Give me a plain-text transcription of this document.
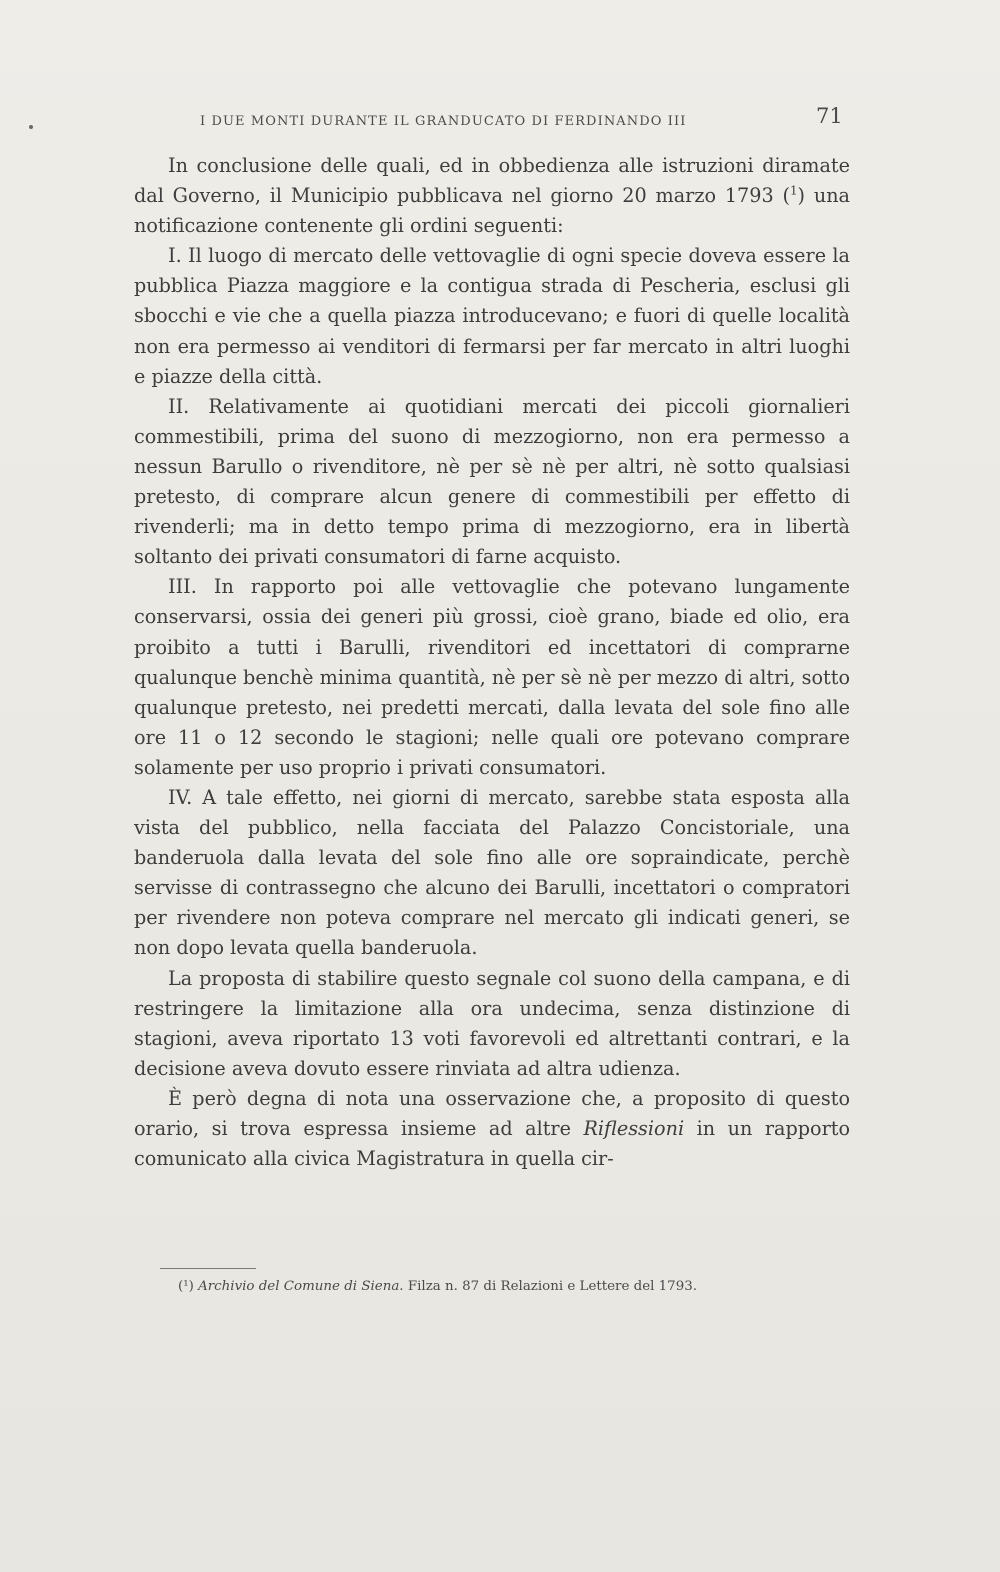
I DUE MONTI DURANTE IL GRANDUCATO DI FERDINANDO III	71

In conclusione delle quali, ed in obbedienza alle istruzioni diramate dal Governo, il Municipio pubblicava nel giorno 20 marzo 1793 ($^1$) una notificazione contenente gli ordini seguenti:

I. Il luogo di mercato delle vettovaglie di ogni specie doveva essere la pubblica Piazza maggiore e la contigua strada di Pescheria, esclusi gli sbocchi e vie che a quella piazza introducevano; e fuori di quelle località non era permesso ai venditori di fermarsi per far mercato in altri luoghi e piazze della città.

II. Relativamente ai quotidiani mercati dei piccoli giornalieri commestibili, prima del suono di mezzogiorno, non era permesso a nessun Barullo o rivenditore, nè per sè nè per altri, nè sotto qualsiasi pretesto, di comprare alcun genere di commestibili per effetto di rivenderli; ma in detto tempo prima di mezzogiorno, era in libertà soltanto dei privati consumatori di farne acquisto.

III. In rapporto poi alle vettovaglie che potevano lungamente conservarsi, ossia dei generi più grossi, cioè grano, biade ed olio, era proibito a tutti i Barulli, rivenditori ed incettatori di comprarne qualunque benchè minima quantità, nè per sè nè per mezzo di altri, sotto qualunque pretesto, nei predetti mercati, dalla levata del sole fino alle ore 11 o 12 secondo le stagioni; nelle quali ore potevano comprare solamente per uso proprio i privati consumatori.

IV. A tale effetto, nei giorni di mercato, sarebbe stata esposta alla vista del pubblico, nella facciata del Palazzo Concistoriale, una banderuola dalla levata del sole fino alle ore sopraindicate, perchè servisse di contrassegno che alcuno dei Barulli, incettatori o compratori per rivendere non poteva comprare nel mercato gli indicati generi, se non dopo levata quella banderuola.

La proposta di stabilire questo segnale col suono della campana, e di restringere la limitazione alla ora undecima, senza distinzione di stagioni, aveva riportato 13 voti favorevoli ed altrettanti contrari, e la decisione aveva dovuto essere rinviata ad altra udienza.

È però degna di nota una osservazione che, a proposito di questo orario, si trova espressa insieme ad altre Riflessioni in un rapporto comunicato alla civica Magistratura in quella cir-

(¹) Archivio del Comune di Siena. Filza n. 87 di Relazioni e Lettere del 1793.
